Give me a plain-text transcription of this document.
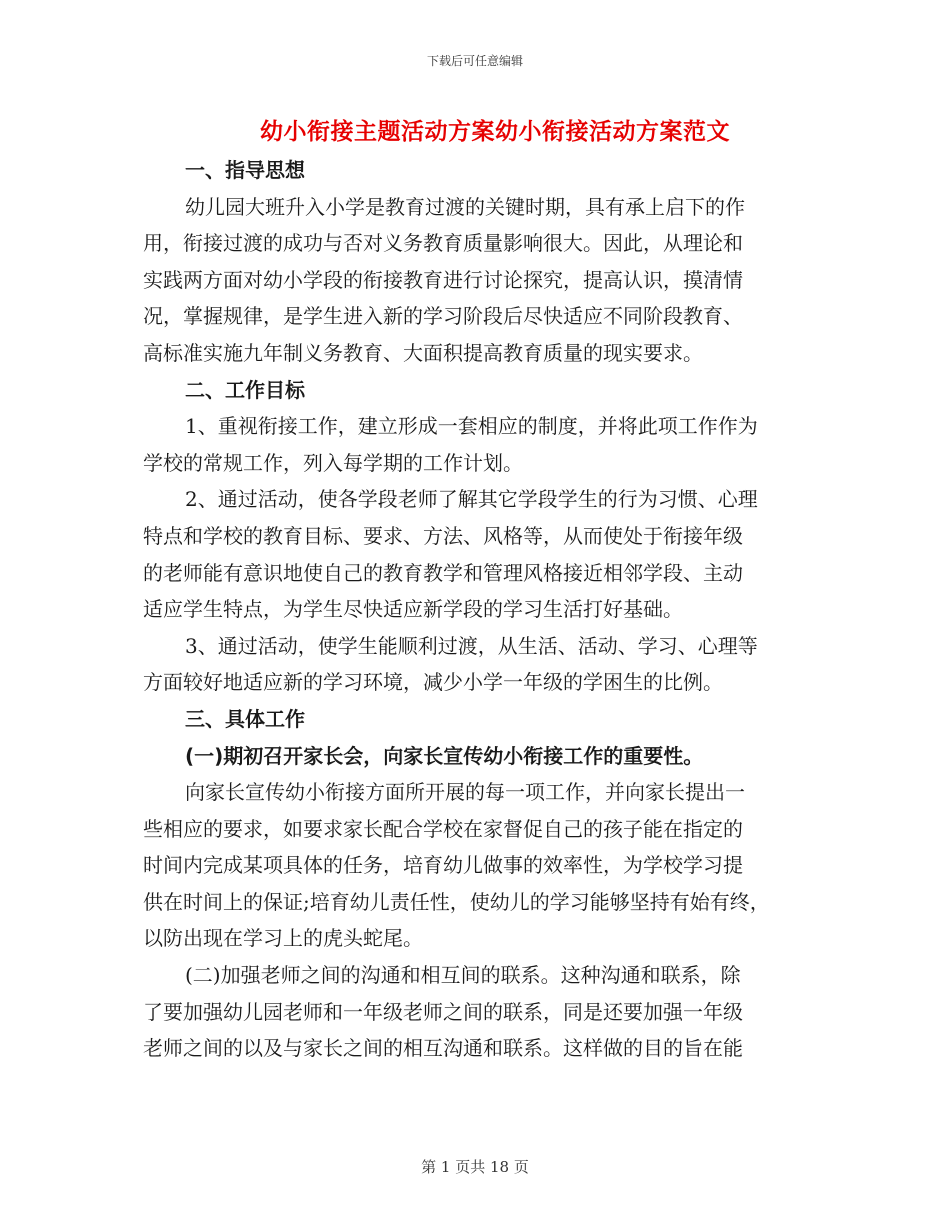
下载后可任意编辑
幼小衔接主题活动方案幼小衔接活动方案范文
一、指导思想
幼儿园大班升入小学是教育过渡的关键时期，具有承上启下的作
用，衔接过渡的成功与否对义务教育质量影响很大。因此，从理论和
实践两方面对幼小学段的衔接教育进行讨论探究，提高认识，摸清情
况，掌握规律，是学生进入新的学习阶段后尽快适应不同阶段教育、
高标准实施九年制义务教育、大面积提高教育质量的现实要求。
二、工作目标
1、重视衔接工作，建立形成一套相应的制度，并将此项工作作为
学校的常规工作，列入每学期的工作计划。
2、通过活动，使各学段老师了解其它学段学生的行为习惯、心理
特点和学校的教育目标、要求、方法、风格等，从而使处于衔接年级
的老师能有意识地使自己的教育教学和管理风格接近相邻学段、主动
适应学生特点，为学生尽快适应新学段的学习生活打好基础。
3、通过活动，使学生能顺利过渡，从生活、活动、学习、心理等
方面较好地适应新的学习环境，减少小学一年级的学困生的比例。
三、具体工作
(一)期初召开家长会，向家长宣传幼小衔接工作的重要性。
向家长宣传幼小衔接方面所开展的每一项工作，并向家长提出一
些相应的要求，如要求家长配合学校在家督促自己的孩子能在指定的
时间内完成某项具体的任务，培育幼儿做事的效率性，为学校学习提
供在时间上的保证;培育幼儿责任性，使幼儿的学习能够坚持有始有终，
以防出现在学习上的虎头蛇尾。
(二)加强老师之间的沟通和相互间的联系。这种沟通和联系，除
了要加强幼儿园老师和一年级老师之间的联系，同是还要加强一年级
老师之间的以及与家长之间的相互沟通和联系。这样做的目的旨在能
第 1 页共 18 页
